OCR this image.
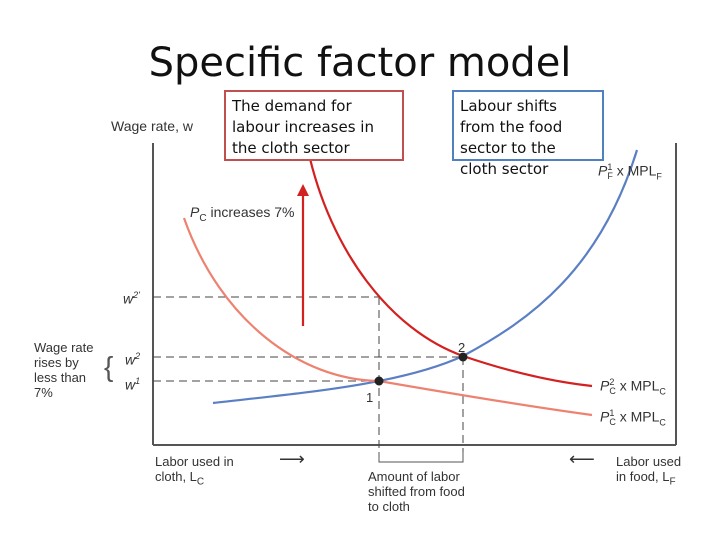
Specific factor model
The demand for labour increases in the cloth sector
Labour shifts from the food sector to the cloth sector
Wage rate, w
Labor used in
cloth, $L_C$
⟶	⟵ Labor used
in food, $L_F$
$w^{2'}$
$w^2$
$w^1$
Wage rate
rises by
less than
7%
{
$P_C$ increases 7%
1
2
Amount of labor
shifted from food
to cloth
P1
F x $MPL_F$
P2
C x $MPL_C$
P1
C x $MPL_C$
